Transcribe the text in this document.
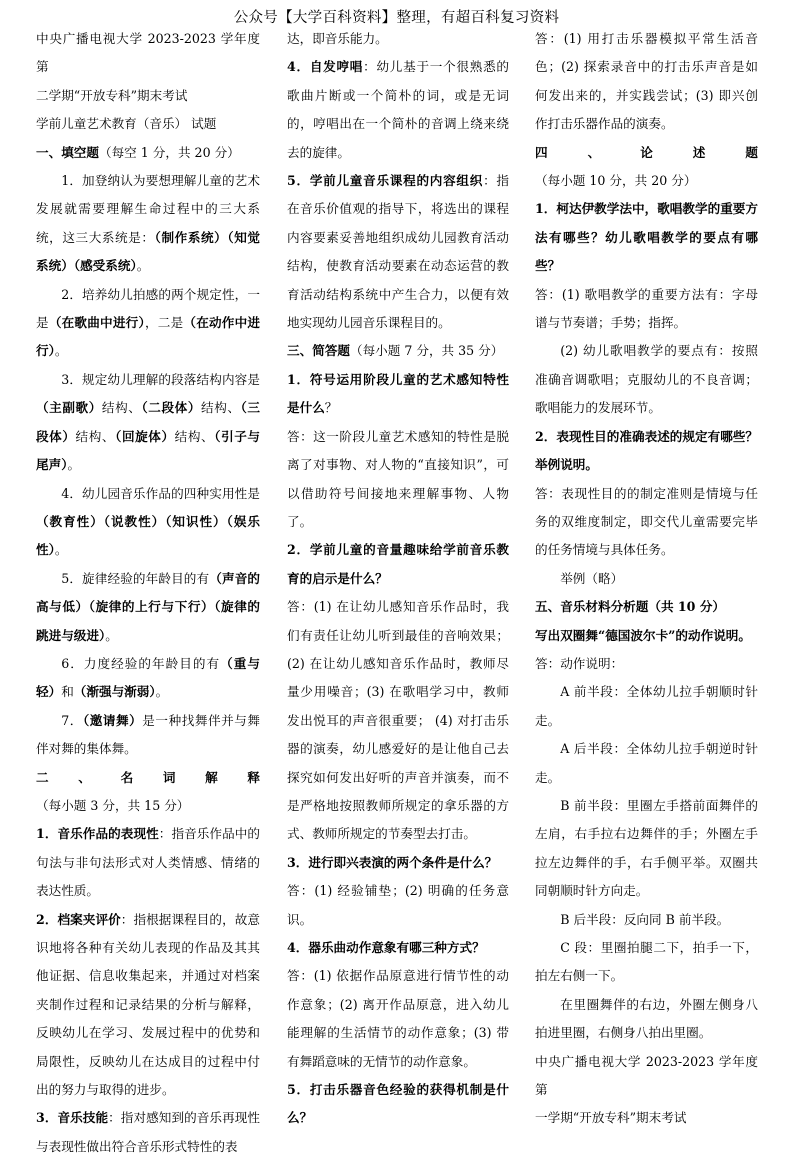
公众号【大学百科资料】整理，有超百科复习资料

中央广播电视大学 2023-2023 学年度第
二学期“开放专科”期末考试

学前儿童艺术教育（音乐） 试题

一、填空题（每空 1 分，共 20 分）

1．加登纳认为要想理解儿童的艺术发展就需要理解生命过程中的三大系统，这三大系统是：（制作系统）（知觉系统）（感受系统）。

2．培养幼儿拍感的两个规定性，一是（在歌曲中进行），二是（在动作中进行）。

3．规定幼儿理解的段落结构内容是（主副歌）结构、（二段体）结构、（三段体）结构、（回旋体）结构、（引子与尾声）。

4．幼儿园音乐作品的四种实用性是（教育性）（说教性）（知识性）（娱乐性）。

5．旋律经验的年龄目的有（声音的高与低）（旋律的上行与下行）（旋律的跳进与级进）。

6．力度经验的年龄目的有（重与轻）和（渐强与渐弱）。

7．（邀请舞）是一种找舞伴并与舞伴对舞的集体舞。

二、名词解释（每小题 3 分，共 15 分）

1．音乐作品的表现性：指音乐作品中的句法与非句法形式对人类情感、情绪的表达性质。

2．档案夹评价：指根据课程目的，故意识地将各种有关幼儿表现的作品及其其他证据、信息收集起来，并通过对档案夹制作过程和记录结果的分析与解释，反映幼儿在学习、发展过程中的优势和局限性，反映幼儿在达成目的过程中付出的努力与取得的进步。

3．音乐技能：指对感知到的音乐再现性与表现性做出符合音乐形式特性的表

达，即音乐能力。

4．自发哼唱：幼儿基于一个很熟悉的歌曲片断或一个简朴的词，或是无词的，哼唱出在一个简朴的音调上绕来绕去的旋律。

5．学前儿童音乐课程的内容组织：指在音乐价值观的指导下，将选出的课程内容要素妥善地组织成幼儿园教育活动结构，使教育活动要素在动态运营的教育活动结构系统中产生合力，以便有效地实现幼儿园音乐课程目的。

三、简答题（每小题 7 分，共 35 分）

1．符号运用阶段儿童的艺术感知特性是什么？

答：这一阶段儿童艺术感知的特性是脱离了对事物、对人物的“直接知识”，可以借助符号间接地来理解事物、人物了。

2．学前儿童的音量趣味给学前音乐教育的启示是什么？

答：(1) 在让幼儿感知音乐作品时，我们有责任让幼儿听到最佳的音响效果；(2) 在让幼儿感知音乐作品时，教师尽量少用噪音；(3) 在歌唱学习中，教师发出悦耳的声音很重要； (4) 对打击乐器的演奏，幼儿感爱好的是让他自己去探究如何发出好听的声音并演奏，而不是严格地按照教师所规定的拿乐器的方式、教师所规定的节奏型去打击。

3．进行即兴表演的两个条件是什么？

答：(1) 经验铺垫；(2) 明确的任务意识。

4．器乐曲动作意象有哪三种方式？

答：(1) 依据作品原意进行情节性的动作意象；(2) 离开作品原意，进入幼儿能理解的生活情节的动作意象；(3) 带有舞蹈意味的无情节的动作意象。

5．打击乐器音色经验的获得机制是什么？

答：(1) 用打击乐器模拟平常生活音色；(2) 探索录音中的打击乐声音是如何发出来的，并实践尝试；(3) 即兴创作打击乐器作品的演奏。

四、论述题（每小题 10 分，共 20 分）

1．柯达伊教学法中，歌唱教学的重要方法有哪些？幼儿歌唱教学的要点有哪些？

答：(1) 歌唱教学的重要方法有：字母谱与节奏谱；手势；指挥。

(2) 幼儿歌唱教学的要点有：按照准确音调歌唱；克服幼儿的不良音调；歌唱能力的发展环节。

2．表现性目的准确表述的规定有哪些？举例说明。

答：表现性目的的制定准则是情境与任务的双维度制定，即交代儿童需要完毕的任务情境与具体任务。

举例（略）

五、音乐材料分析题（共 10 分）

写出双圈舞“德国波尔卡”的动作说明。

答：动作说明：

A 前半段：全体幼儿拉手朝顺时针走。

A 后半段：全体幼儿拉手朝逆时针走。

B 前半段：里圈左手搭前面舞伴的左肩，右手拉右边舞伴的手；外圈左手拉左边舞伴的手，右手侧平举。双圈共同朝顺时针方向走。

B 后半段：反向同 B 前半段。

C 段：里圈拍腿二下，拍手一下，拍左右侧一下。

在里圈舞伴的右边，外圈左侧身八拍进里圈，右侧身八拍出里圈。

中央广播电视大学 2023-2023 学年度第
一学期“开放专科”期末考试
